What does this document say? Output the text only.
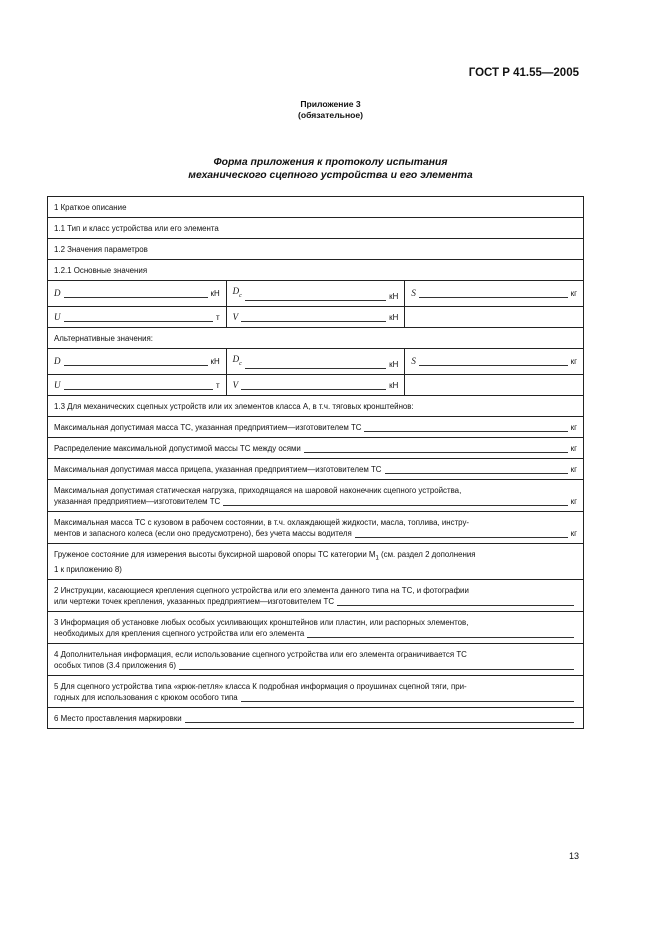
ГОСТ Р 41.55—2005
Приложение 3
(обязательное)
Форма приложения к протоколу испытания
механического сцепного устройства и его элемента
1 Краткое описание		
1.1 Тип и класс устройства или его элемента		
1.2 Значения параметров		
1.2.1 Основные значения		

D кН	$D_c$ кН	S кг

U т	V кН	

Альтернативные значения:		

D кН	$D_c$ кН	S кг

U т	V кН	

1.3 Для механических сцепных устройств или их элементов класса А, в т.ч. тяговых кронштейнов:		

Максимальная допустимая масса ТС, указанная предприятием—изготовителем ТС кг		

Распределение максимальной допустимой массы ТС между осями кг		

Максимальная допустимая масса прицепа, указанная предприятием—изготовителем ТС кг		

Максимальная допустимая статическая нагрузка, приходящаяся на шаровой наконечник сцепного устройства,
указанная предприятием—изготовителем ТС кг		

Максимальная масса ТС с кузовом в рабочем состоянии, в т.ч. охлаждающей жидкости, масла, топлива, инстру-
ментов и запасного колеса (если оно предусмотрено), без учета массы водителя кг		

Груженое состояние для измерения высоты буксирной шаровой опоры ТС категории $M_1$ (см. раздел 2 дополнения
1 к приложению 8)		

2 Инструкции, касающиеся крепления сцепного устройства или его элемента данного типа на ТС, и фотографии
или чертежи точек крепления, указанных предприятием—изготовителем ТС		

3 Информация об установке любых особых усиливающих кронштейнов или пластин, или распорных элементов,
необходимых для крепления сцепного устройства или его элемента		

4 Дополнительная информация, если использование сцепного устройства или его элемента ограничивается ТС
особых типов (3.4 приложения 6)		

5 Для сцепного устройства типа «крюк-петля» класса К подробная информация о проушинах сцепной тяги, при-
годных для использования с крюком особого типа		

6 Место проставления маркировки		
13
